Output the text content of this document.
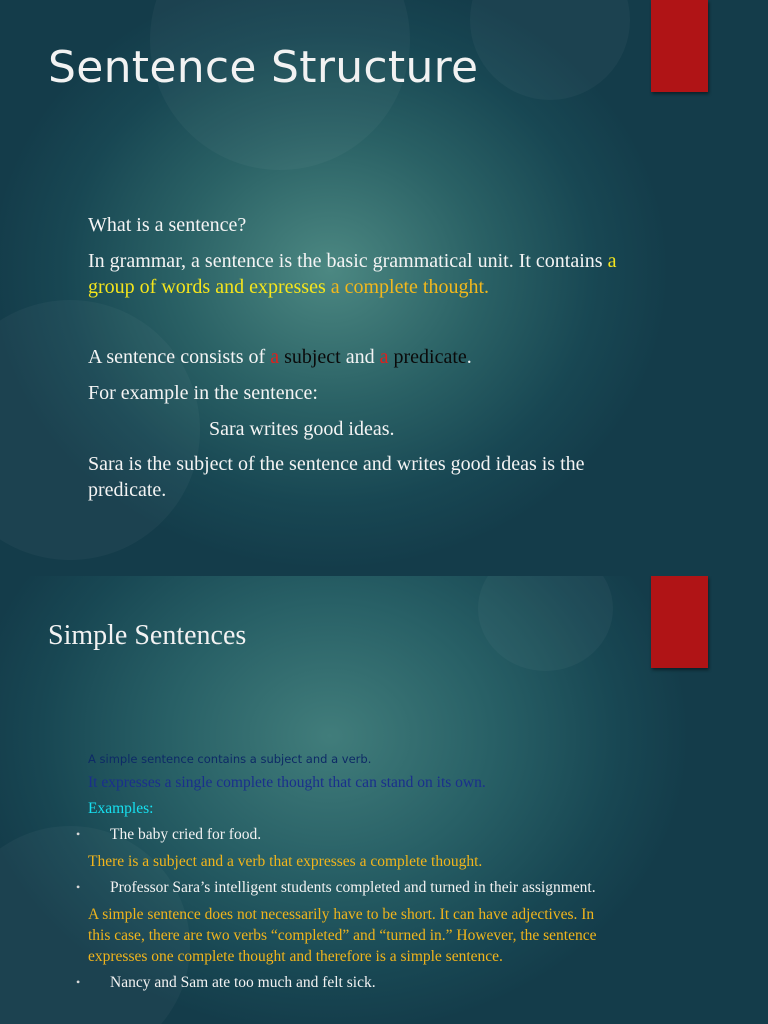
Sentence Structure

What is a sentence?

In grammar, a sentence is the basic grammatical unit. It contains a group of words and expresses a complete thought.

A sentence consists of a subject and a predicate.

For example in the sentence:

Sara writes good ideas.

Sara is the subject of the sentence and writes good ideas is the predicate.

Simple Sentences

A simple sentence contains a subject and a verb.

It expresses a single complete thought that can stand on its own.

Examples:

• The baby cried for food.

There is a subject and a verb that expresses a complete thought.

• Professor Sara’s intelligent students completed and turned in their assignment.

A simple sentence does not necessarily have to be short. It can have adjectives. In this case, there are two verbs “completed” and “turned in.” However, the sentence expresses one complete thought and therefore is a simple sentence.

• Nancy and Sam ate too much and felt sick.
